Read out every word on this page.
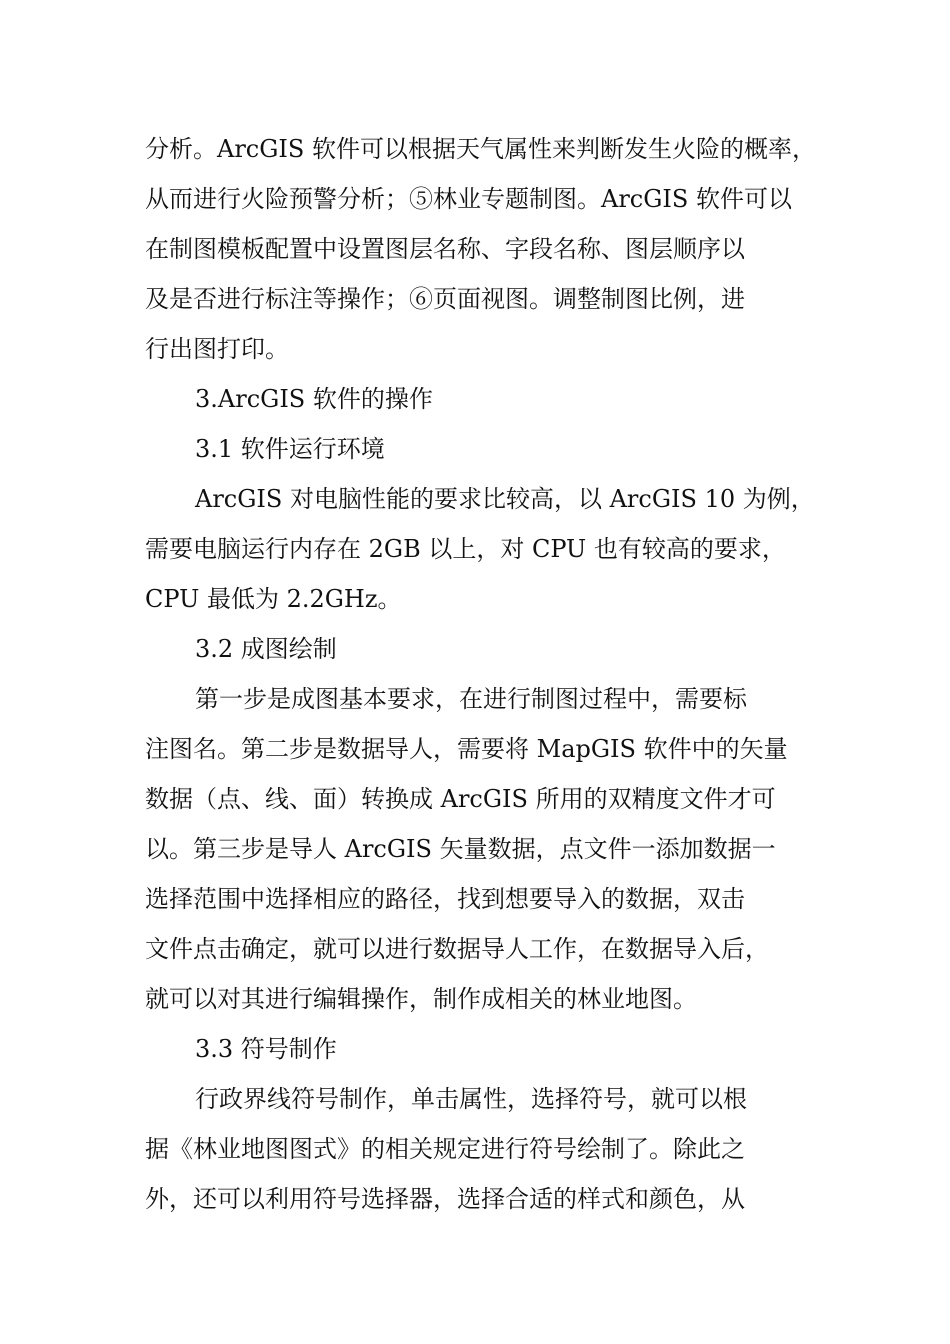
分析。ArcGIS 软件可以根据天气属性来判断发生火险的概率，

从而进行火险预警分析；⑤林业专题制图。ArcGIS 软件可以

在制图模板配置中设置图层名称、字段名称、图层顺序以

及是否进行标注等操作；⑥页面视图。调整制图比例，进

行出图打印。

3.ArcGIS 软件的操作

3.1 软件运行环境

ArcGIS 对电脑性能的要求比较高，以 ArcGIS 10 为例，

需要电脑运行内存在 2GB 以上，对 CPU 也有较高的要求，

CPU 最低为 2.2GHz。

3.2 成图绘制

第一步是成图基本要求，在进行制图过程中，需要标

注图名。第二步是数据导人，需要将 MapGIS 软件中的矢量

数据（点、线、面）转换成 ArcGIS 所用的双精度文件才可

以。第三步是导人 ArcGIS 矢量数据，点文件一添加数据一

选择范围中选择相应的路径，找到想要导入的数据，双击

文件点击确定，就可以进行数据导人工作，在数据导入后，

就可以对其进行编辑操作，制作成相关的林业地图。

3.3 符号制作

行政界线符号制作，单击属性，选择符号，就可以根

据《林业地图图式》的相关规定进行符号绘制了。除此之

外，还可以利用符号选择器，选择合适的样式和颜色，从
